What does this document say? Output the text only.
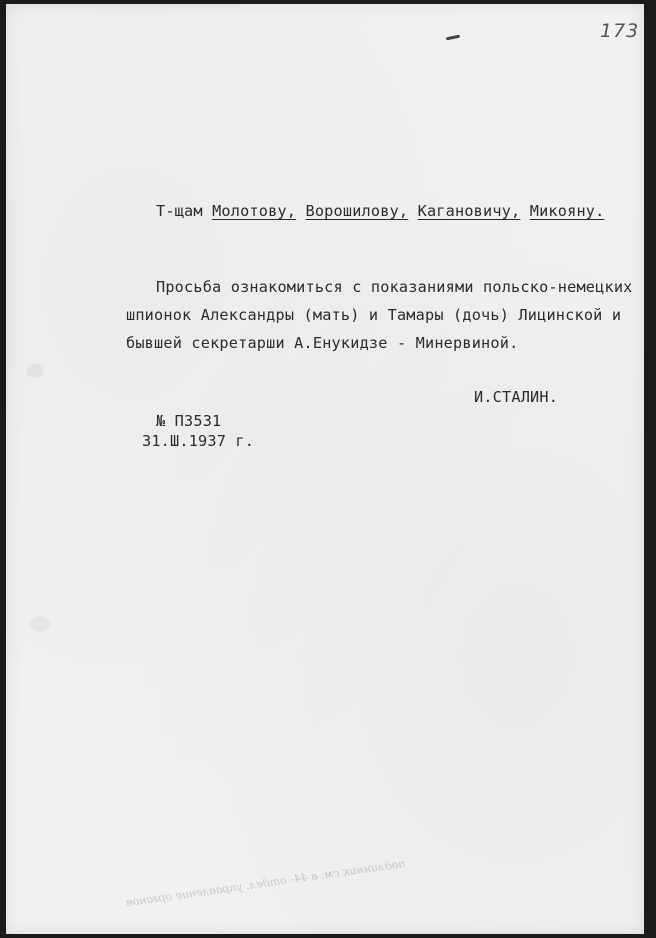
173
Т-щам Молотову, Ворошилову, Кагановичу, Микояну.
Просьба ознакомиться с показаниями польско-немецких
шпионок Александры (мать) и Тамары (дочь) Лицинской и
бывшей секретарши А.Енукидзе - Минервиной.
И.СТАЛИН.
№ П3531
31.Ш.1937 г.
подлинник см. в 44- отдел. управление органов
